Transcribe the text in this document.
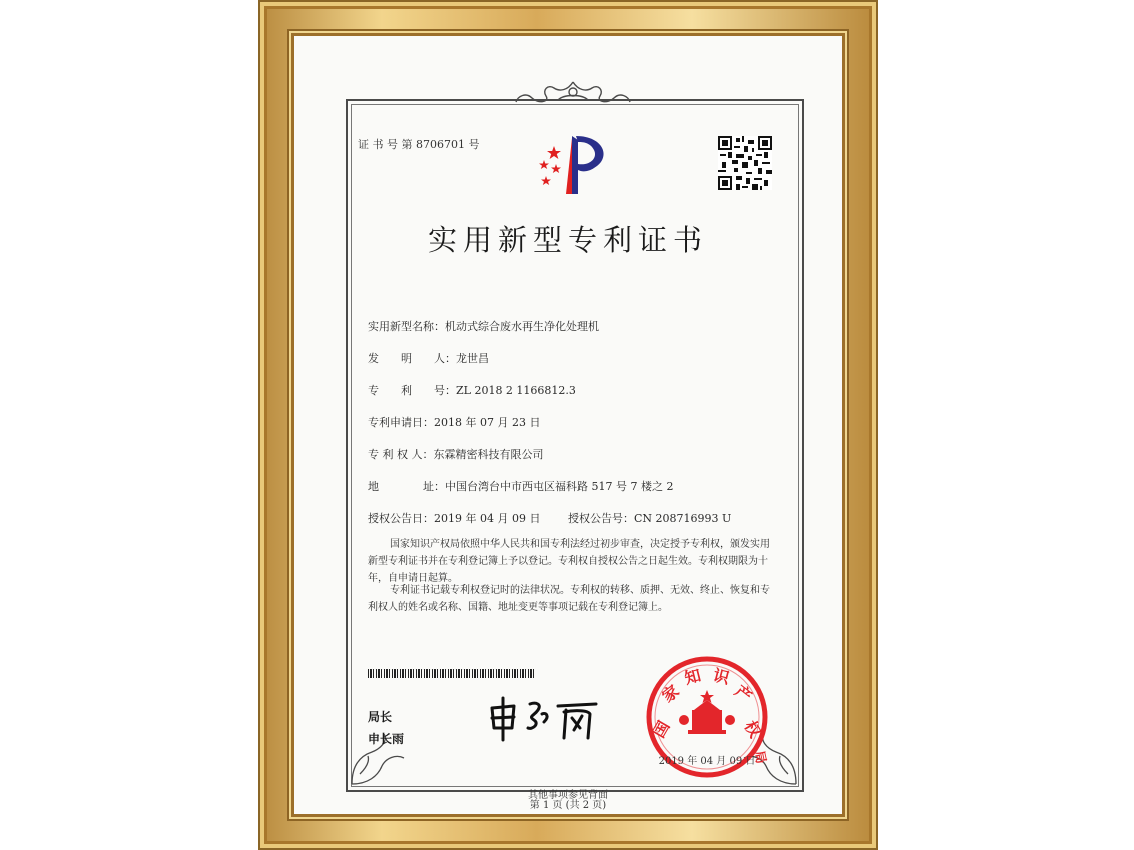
证 书 号 第 8706701 号
实用新型专利证书
实用新型名称：机动式综合废水再生净化处理机
发　　明　　人：龙世昌
专　　利　　号：ZL 2018 2 1166812.3
专利申请日：2018 年 07 月 23 日
专 利 权 人：东霖精密科技有限公司
地　　　　址：中国台湾台中市西屯区福科路 517 号 7 楼之 2
授权公告日：2019 年 04 月 09 日	授权公告号：CN 208716993 U
国家知识产权局依照中华人民共和国专利法经过初步审查，决定授予专利权，颁发实用新型专利证书并在专利登记簿上予以登记。专利权自授权公告之日起生效。专利权期限为十年，自申请日起算。
专利证书记载专利权登记时的法律状况。专利权的转移、质押、无效、终止、恢复和专利权人的姓名或名称、国籍、地址变更等事项记载在专利登记簿上。
局长
申长雨	国
家
知 识
产
权
局
2019 年 04 月 09 日
第 1 页 (共 2 页)
其他事项参见背面
